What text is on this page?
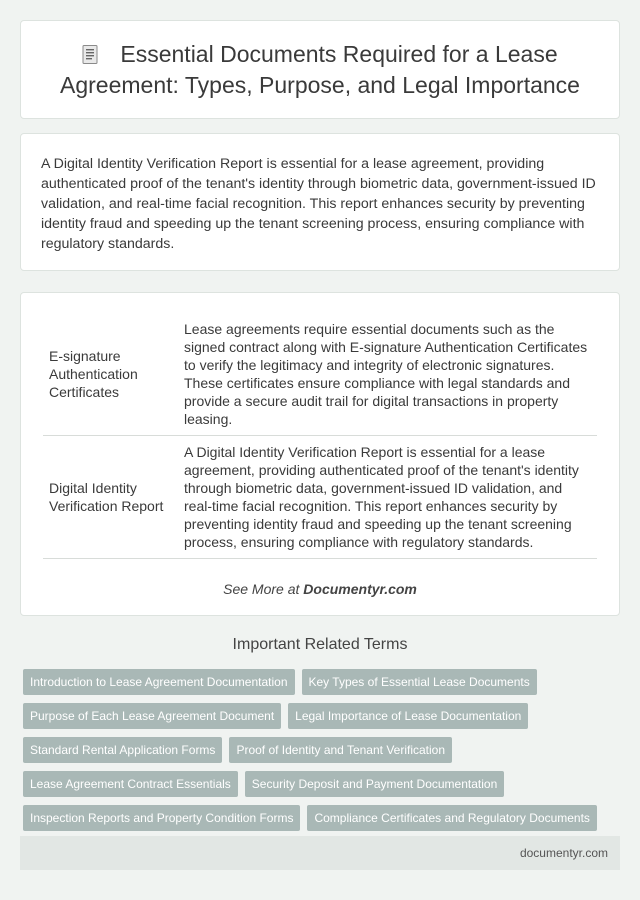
Essential Documents Required for a Lease Agreement: Types, Purpose, and Legal Importance

A Digital Identity Verification Report is essential for a lease agreement, providing authenticated proof of the tenant's identity through biometric data, government-issued ID validation, and real-time facial recognition. This report enhances security by preventing identity fraud and speeding up the tenant screening process, ensuring compliance with regulatory standards.

E-signature Authentication Certificates	Lease agreements require essential documents such as the signed contract along with E-signature Authentication Certificates to verify the legitimacy and integrity of electronic signatures. These certificates ensure compliance with legal standards and provide a secure audit trail for digital transactions in property leasing.
Digital Identity Verification Report	A Digital Identity Verification Report is essential for a lease agreement, providing authenticated proof of the tenant's identity through biometric data, government-issued ID validation, and real-time facial recognition. This report enhances security by preventing identity fraud and speeding up the tenant screening process, ensuring compliance with regulatory standards.
See More at Documentyr.com
Important Related Terms
Introduction to Lease Agreement Documentation	Key Types of Essential Lease Documents
Purpose of Each Lease Agreement Document	Legal Importance of Lease Documentation
Standard Rental Application Forms	Proof of Identity and Tenant Verification
Lease Agreement Contract Essentials	Security Deposit and Payment Documentation
Inspection Reports and Property Condition Forms	Compliance Certificates and Regulatory Documents
documentyr.com
